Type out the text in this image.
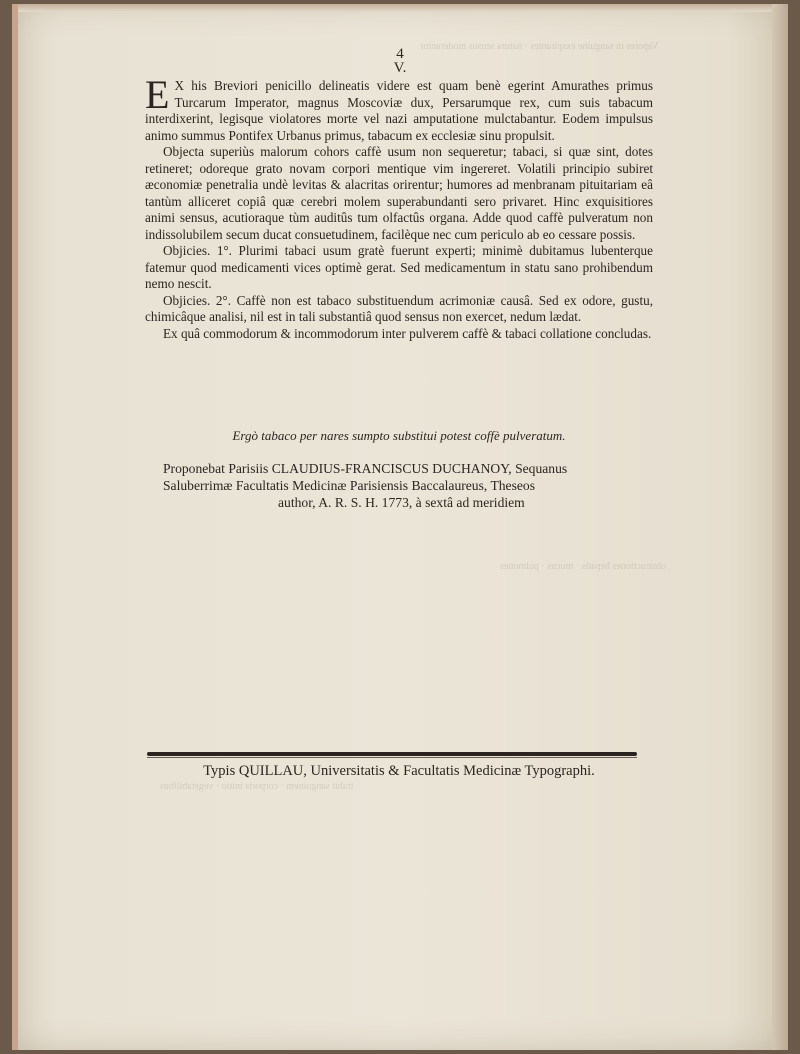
Vapores in sanguine exspirantes · natura sensus moderantur
obstructiones hepatis · mucus · pulmones
trahit sanguinem · corporis initio · vegetabilibus
4
V.

E X his Breviori penicillo delineatis videre est quam benè egerint Amurathes primus Turcarum Imperator, magnus Moscoviæ dux, Persarumque rex, cum suis tabacum interdixerint, legisque violatores morte vel nazi amputatione mulctabantur. Eodem impulsus animo summus Pontifex Urbanus primus, tabacum ex ecclesiæ sinu propulsit.

Objecta superiùs malorum cohors caffè usum non sequeretur; tabaci, si quæ sint, dotes retineret; odoreque grato novam corpori mentique vim ingereret. Volatili principio subiret æconomiæ penetralia undè levitas & alacritas orirentur; humores ad menbranam pituitariam eâ tantùm alliceret copiâ quæ cerebri molem superabundanti sero privaret. Hinc exquisitiores animi sensus, acutioraque tùm auditûs tum olfactûs organa. Adde quod caffè pulveratum non indissolubilem secum ducat consuetudinem, facilèque nec cum periculo ab eo cessare possis.

Objicies. 1°. Plurimi tabaci usum gratè fuerunt experti; minimè dubitamus lubenterque fatemur quod medicamenti vices optimè gerat. Sed medicamentum in statu sano prohibendum nemo nescit.

Objicies. 2°. Caffè non est tabaco substituendum acrimoniæ causâ. Sed ex odore, gustu, chimicâque analisi, nil est in tali substantiâ quod sensus non exercet, nedum lædat.

Ex quâ commodorum & incommodorum inter pulverem caffè & tabaci collatione concludas.

Ergò tabaco per nares sumpto substitui potest coffè pulveratum.
Proponebat Parisiis CLAUDIUS-FRANCISCUS DUCHANOY, Sequanus
Saluberrimæ Facultatis Medicinæ Parisiensis Baccalaureus, Theseos
author, A. R. S. H. 1773, à sextâ ad meridiem
Typis QUILLAU, Universitatis & Facultatis Medicinæ Typographi.
